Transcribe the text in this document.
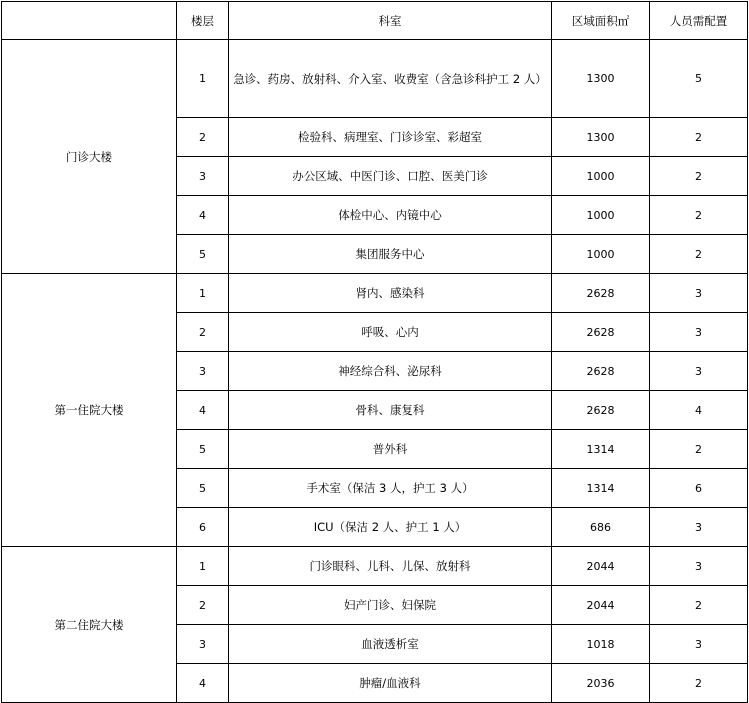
	楼层	科室	区域面积㎡	人员需配置
门诊大楼	1	急诊、药房、放射科、介入室、收费室（含急诊科护工 2 人）	1300	5
	2	检验科、病理室、门诊诊室、彩超室	1300	2
	3	办公区域、中医门诊、口腔、医美门诊	1000	2
	4	体检中心、内镜中心	1000	2
	5	集团服务中心	1000	2
第一住院大楼	1	肾内、感染科	2628	3
	2	呼吸、心内	2628	3
	3	神经综合科、泌尿科	2628	3
	4	骨科、康复科	2628	4
	5	普外科	1314	2
	5	手术室（保洁 3 人，护工 3 人）	1314	6
	6	ICU（保洁 2 人、护工 1 人）	686	3
第二住院大楼	1	门诊眼科、儿科、儿保、放射科	2044	3
	2	妇产门诊、妇保院	2044	2
	3	血液透析室	1018	3
	4	肿瘤/血液科	2036	2
